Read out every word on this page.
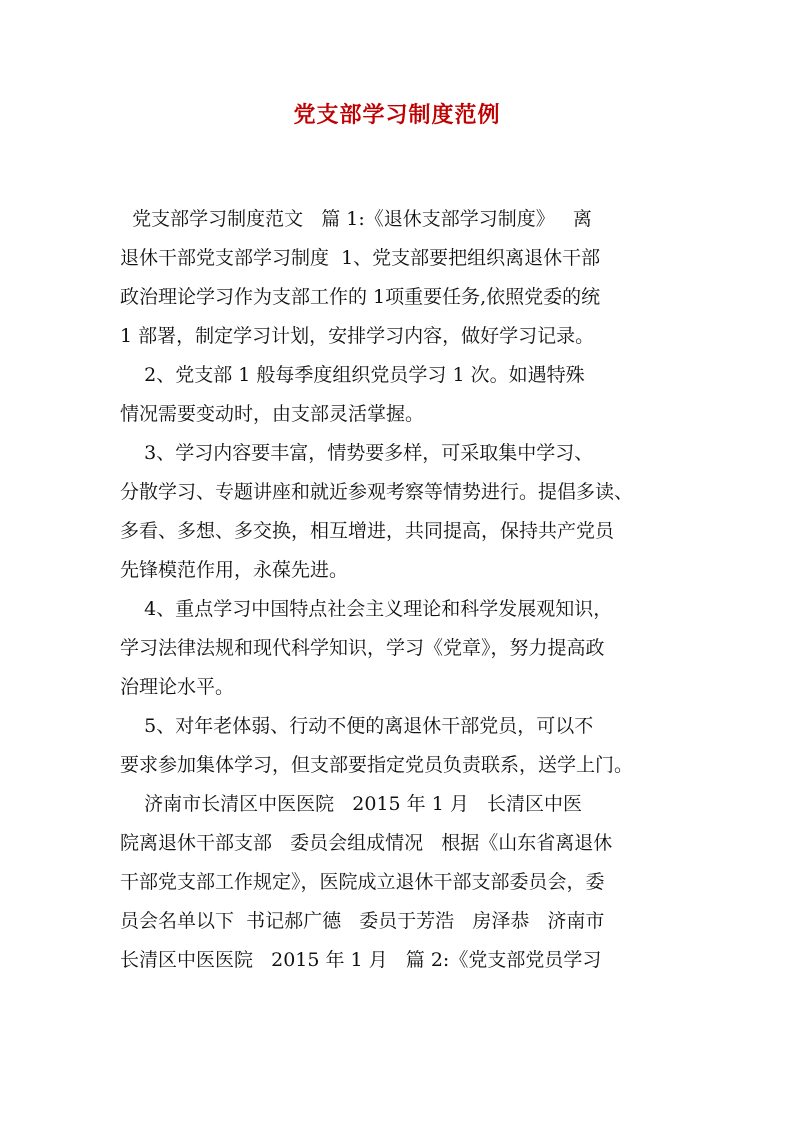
党支部学习制度范例
党支部学习制度范文   篇 1:《退休支部学习制度》   离
退休干部党支部学习制度  1、党支部要把组织离退休干部
政治理论学习作为支部工作的 1项重要任务,依照党委的统
1 部署，制定学习计划，安排学习内容，做好学习记录。
2、党支部 1 般每季度组织党员学习 1 次。如遇特殊
情况需要变动时，由支部灵活掌握。
3、学习内容要丰富，情势要多样，可采取集中学习、
分散学习、专题讲座和就近参观考察等情势进行。提倡多读、
多看、多想、多交换，相互增进，共同提高，保持共产党员
先锋模范作用，永葆先进。
4、重点学习中国特点社会主义理论和科学发展观知识，
学习法律法规和现代科学知识，学习《党章》，努力提高政
治理论水平。
5、对年老体弱、行动不便的离退休干部党员，可以不
要求参加集体学习，但支部要指定党员负责联系，送学上门。
济南市长清区中医医院   2015 年 1 月   长清区中医
院离退休干部支部   委员会组成情况   根据《山东省离退休
干部党支部工作规定》，医院成立退休干部支部委员会，委
员会名单以下  书记郝广德   委员于芳浩   房泽恭   济南市
长清区中医医院   2015 年 1 月   篇 2:《党支部党员学习
